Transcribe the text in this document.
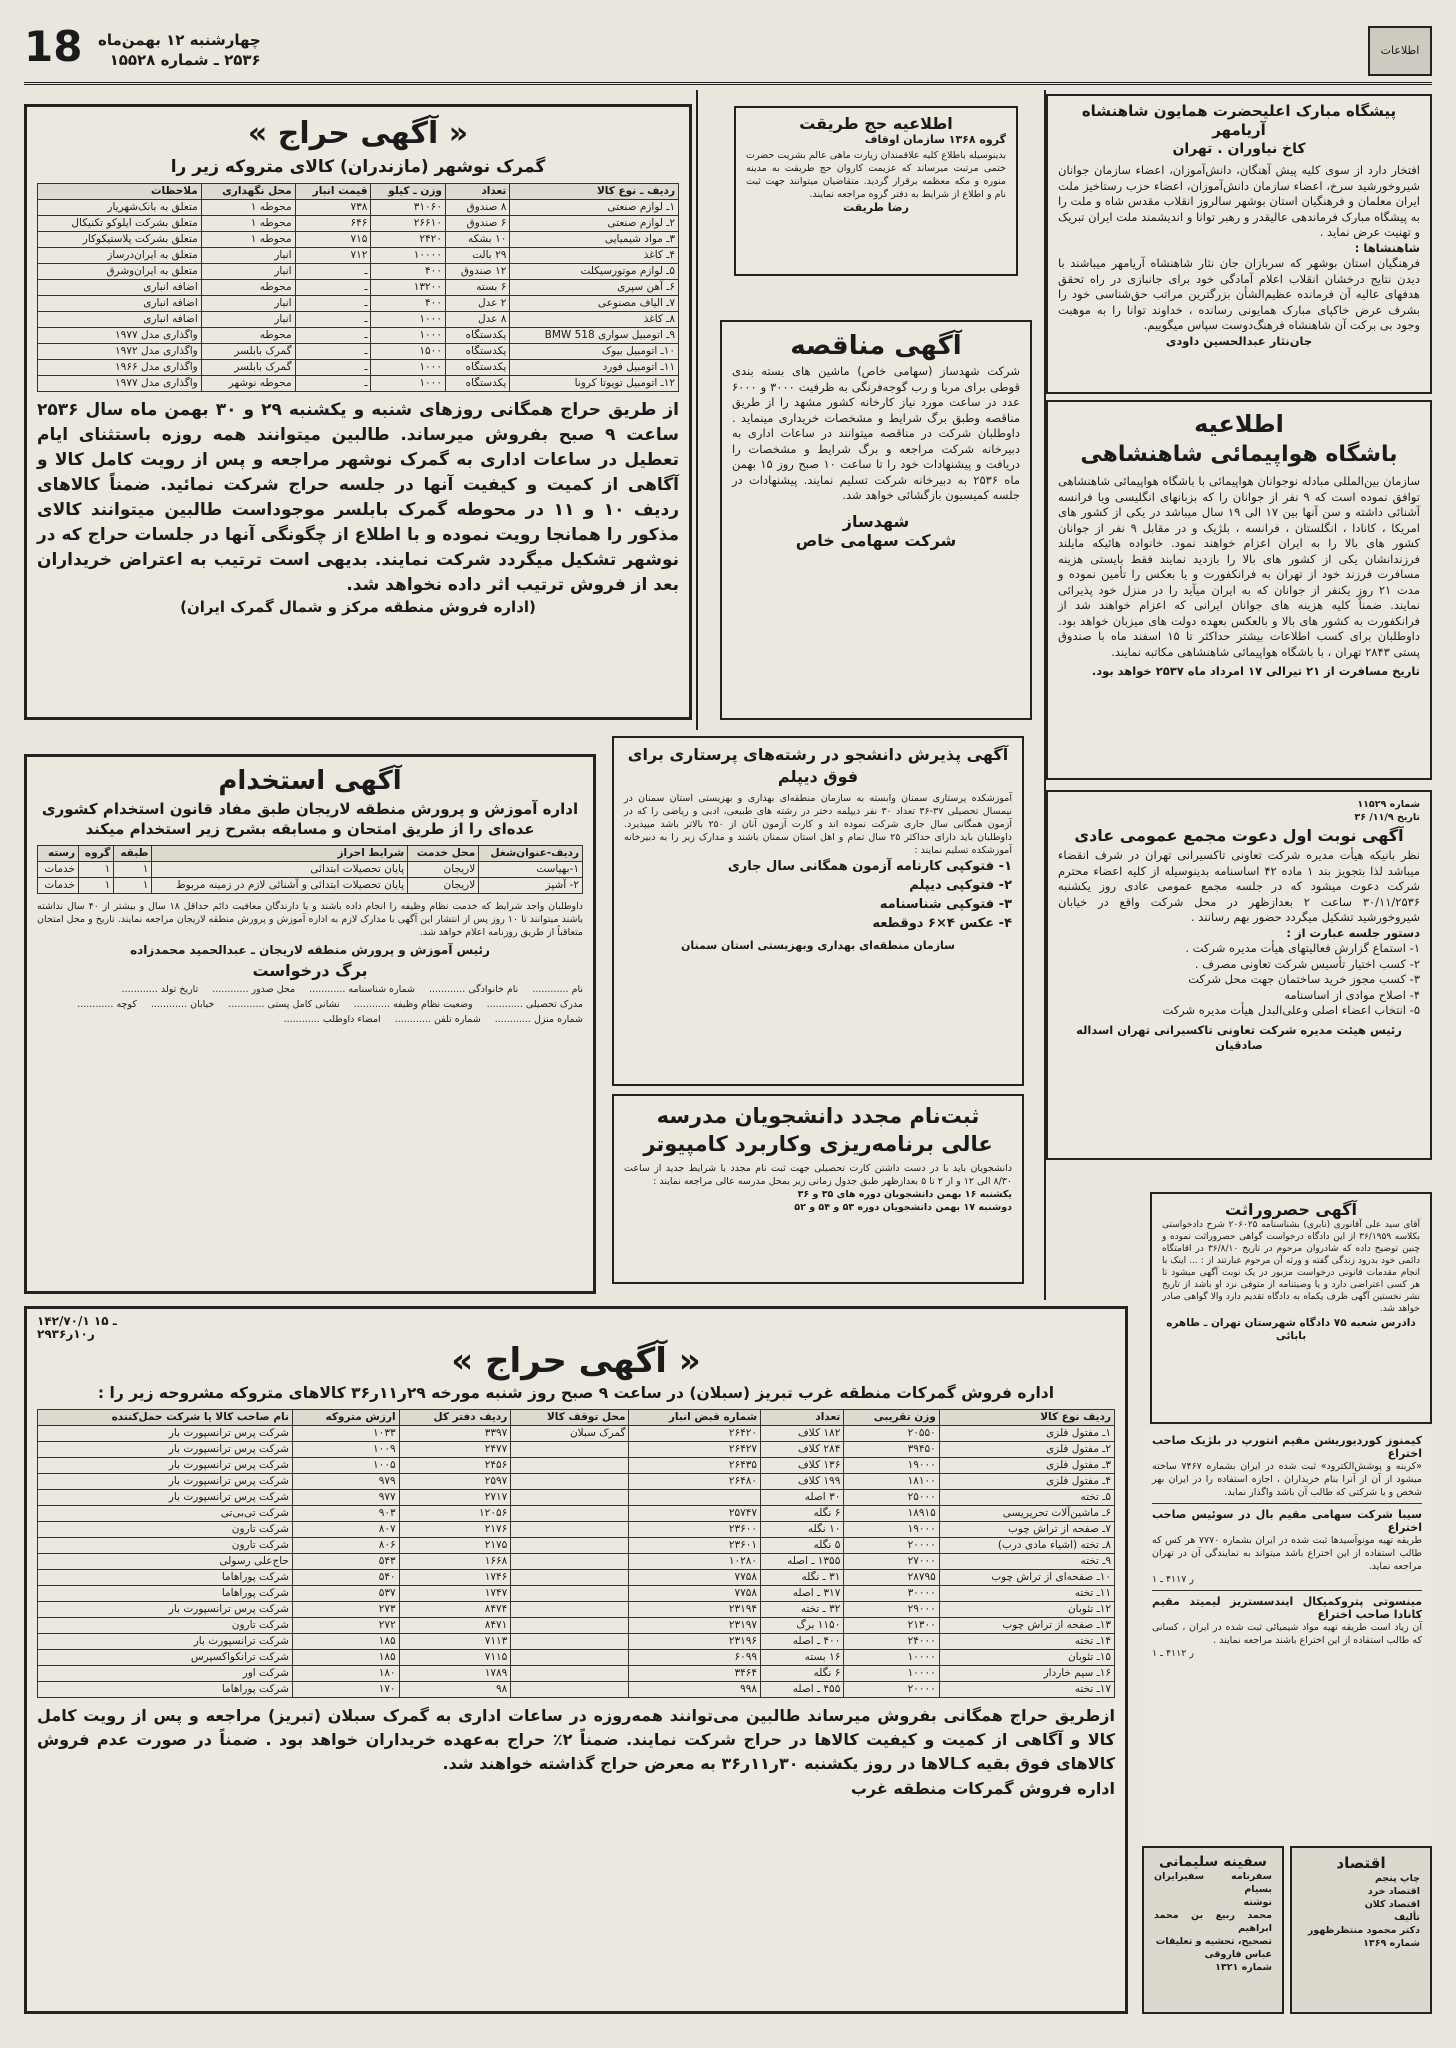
اطلاعات
18 چهارشنبه ۱۲ بهمن‌ماه
۲۵۳۶ ـ شماره ۱۵۵۲۸
پیشگاه مبارک اعلیحضرت همایون شاهنشاه آریامهر
کاخ نیاوران . تهران
افتخار دارد از سوی کلیه پیش آهنگان، دانش‌آموزان، اعضاء سازمان جوانان شیروخورشید سرخ، اعضاء سازمان دانش‌آموزان، اعضاء حزب رستاخیز ملت ایران معلمان و فرهنگیان استان بوشهر سالروز انقلاب مقدس شاه و ملت را به پیشگاه مبارک فرماندهی عالیقدر و رهبر توانا و اندیشمند ملت ایران تبریک و تهنیت عرض نماید .
شاهنشاها :
فرهنگیان استان بوشهر که سربازان جان نثار شاهنشاه آریامهر میباشند با دیدن نتایج درخشان انقلاب اعلام آمادگی خود برای جانبازی در راه تحقق هدفهای عالیه آن فرمانده عظیم‌الشأن بزرگترین مراتب حق‌شناسی خود را بشرف عرض خاکپای مبارک همایونی رسانده ، خداوند توانا را به موهبت وجود بی برکت آن شاهنشاه فرهنگ‌دوست سپاس میگوییم.
جان‌نثار عبدالحسین داودی
اطلاعیه
باشگاه هواپیمائی شاهنشاهی
سازمان بین‌المللی مبادله نوجوانان هواپیمائی با باشگاه هواپیمائی شاهنشاهی توافق نموده است که ۹ نفر از جوانان را که بزبانهای انگلیسی ویا فرانسه آشنائی داشته و سن آنها بین ۱۷ الی ۱۹ سال میباشد در یکی از کشور های امریکا ، کانادا ، انگلستان ، فرانسه ، بلژیک و در مقابل ۹ نفر از جوانان کشور های بالا را به ایران اعزام خواهند نمود. خانواده هائیکه مایلند فرزندانشان یکی از کشور های بالا را بازدید نمایند فقط بایستی هزینه مسافرت فرزند خود از تهران به فرانکفورت و یا بعکس را تأمین نموده و مدت ۲۱ روز یکنفر از جوانان که به ایران میآید را در منزل خود پذیرائی نمایند. ضمناً کلیه هزینه های جوانان ایرانی که اعزام خواهند شد از فرانکفورت به کشور های بالا و بالعکس بعهده دولت های میزبان خواهد بود. داوطلبان برای کسب اطلاعات بیشتر حداکثر تا ۱۵ اسفند ماه با صندوق پستی ۲۸۴۳ تهران ، با باشگاه هواپیمائی شاهنشاهی مکاتبه نمایند.
تاریخ مسافرت از ۲۱ تیرالی ۱۷ امرداد ماه ۲۵۳۷ خواهد بود.
شماره ۱۱۵۲۹
تاریخ ۱۱/۹/ ۳۶
آگهی نوبت اول دعوت مجمع عمومی عادی
نظر بانیکه هیأت مدیره شرکت تعاونی تاکسیرانی تهران در شرف انقضاء میباشد لذا بتجویز بند ۱ ماده ۴۲ اساسنامه بدینوسیله از کلیه اعضاء محترم شرکت دعوت میشود که در جلسه مجمع عمومی عادی روز یکشنبه ۳۰/۱۱/۲۵۳۶ ساعت ۲ بعدازظهر در محل شرکت واقع در خیابان شیروخورشید تشکیل میگردد حضور بهم رسانند .
دستور جلسه عبارت از :
۱- استماع گزارش فعالیتهای هیأت مدیره شرکت .
۲- کسب اختیار تأسیس شرکت تعاونی مصرف .
۳- کسب مجوز خرید ساختمان جهت محل شرکت
۴- اصلاح موادی از اساسنامه
۵- انتخاب اعضاء اصلی وعلی‌البدل هیأت مدیره شرکت
رئیس هیئت مدیره شرکت تعاونی تاکسیرانی تهران اسداله صادقیان
اطلاعیه حج طریقت
گروه ۱۳۶۸ سازمان اوقاف
بدینوسیله باطلاع کلیه علاقمندان زیارت ماهی عالم بشریت حضرت ختمی مرتبت میرساند که عزیمت کاروان حج طریقت به مدینه منوره و مکه معظمه برقرار گردید. متقاضیان میتوانند جهت ثبت نام و اطلاع از شرایط به دفتر گروه مراجعه نمایند.
رضا طریقت
آگهی مناقصه
شرکت شهدساز (سهامی خاص) ماشین های بسته بندی قوطی برای مربا و رب گوجه‌فرنگی به ظرفیت ۳۰۰۰ و ۶۰۰۰ عدد در ساعت مورد نیاز کارخانه کشور مشهد را از طریق مناقصه وطبق برگ شرایط و مشخصات خریداری مینماید . داوطلبان شرکت در مناقصه میتوانند در ساعات اداری به دبیرخانه شرکت مراجعه و برگ شرایط و مشخصات را دریافت و پیشنهادات خود را تا ساعت ۱۰ صبح روز ۱۵ بهمن ماه ۲۵۳۶ به دبیرخانه شرکت تسلیم نمایند. پیشنهادات در جلسه کمیسیون بازگشائی خواهد شد.
شهدساز
شرکت سهامی خاص
« آگهی حراج »
گمرک نوشهر (مازندران) کالای متروکه زیر را
ردیف ـ نوع کالا	تعداد	وزن ـ کیلو	قیمت انبار	محل نگهداری	ملاحظات
۱ـ لوازم صنعتی	۸ صندوق	۳۱۰۶۰	۷۳۸	محوطه ۱	متعلق به بانک‌شهریار
۲ـ لوازم صنعتی	۶ صندوق	۲۶۶۱۰	۶۴۶	محوطه ۱	متعلق بشرکت ایلوکو تکنیکال
۳ـ مواد شیمیایی	۱۰ بشکه	۲۴۲۰	۷۱۵	محوطه ۱	متعلق بشرکت پلاستیکوکار
۴ـ کاغذ	۲۹ بالت	۱۰۰۰۰	۷۱۲	انبار	متعلق به ایران‌درساز
۵ـ لوازم موتورسیکلت	۱۲ صندوق	۴۰۰	ـ	انبار	متعلق به ایران‌وشرق
۶ـ آهن سپری	۶ بسته	۱۳۲۰۰	ـ	محوطه	اضافه انباری
۷ـ الیاف مصنوعی	۲ عدل	۴۰۰	ـ	انبار	اضافه انباری
۸ـ کاغذ	۸ عدل	۱۰۰۰	ـ	انبار	اضافه انباری
۹ـ اتومبیل سواری BMW 518	یکدستگاه	۱۰۰۰	ـ	محوطه	واگذاری مدل ۱۹۷۷
۱۰ـ اتومبیل بیوک	یکدستگاه	۱۵۰۰	ـ	گمرک بابلسر	واگذاری مدل ۱۹۷۲
۱۱ـ اتومبیل فورد	یکدستگاه	۱۰۰۰	ـ	گمرک بابلسر	واگذاری مدل ۱۹۶۶
۱۲ـ اتومبیل تویوتا کرونا	یکدستگاه	۱۰۰۰	ـ	محوطه نوشهر	واگذاری مدل ۱۹۷۷
از طریق حراج همگانی روزهای شنبه و یکشنبه ۲۹ و ۳۰ بهمن ماه سال ۲۵۳۶ ساعت ۹ صبح بفروش میرساند. طالبین میتوانند همه روزه باستثنای ایام تعطیل در ساعات اداری به گمرک نوشهر مراجعه و پس از رویت کامل کالا و آگاهی از کمیت و کیفیت آنها در جلسه حراج شرکت نمائید. ضمناً کالاهای ردیف ۱۰ و ۱۱ در محوطه گمرک بابلسر موجوداست طالبین میتوانند کالای مذکور را همانجا رویت نموده و با اطلاع از چگونگی آنها در جلسات حراج که در نوشهر تشکیل میگردد شرکت نمایند. بدیهی است ترتیب به اعتراض خریداران بعد از فروش ترتیب اثر داده نخواهد شد.
(اداره فروش منطقه مرکز و شمال گمرک ایران)
آگهی پذیرش دانشجو در رشته‌های پرستاری برای فوق دیپلم
آموزشکده پرستاری سمنان وابسته به سازمان منطقه‌ای بهداری و بهزیستی استان سمنان در نیمسال تحصیلی ۳۷-۳۶ تعداد ۳۰ نفر دیپلمه دختر در رشته های طبیعی، ادبی و ریاضی را که در آزمون همگانی سال جاری شرکت نموده اند و کارت آزمون آنان از ۲۵۰ بالاتر باشد میپذیرد. داوطلبان باید دارای حداکثر ۲۵ سال تمام و اهل استان سمنان باشند و مدارک زیر را به دبیرخانه آموزشکده تسلیم نمایند :
۱- فتوکپی کارنامه آزمون همگانی سال جاری
۲- فتوکپی دیپلم
۳- فتوکپی شناسنامه
۴- عکس ۴×۶ دوقطعه
سازمان منطقه‌ای بهداری وبهزیستی استان سمنان
ثبت‌نام مجدد دانشجویان مدرسه
عالی برنامه‌ریزی وکاربرد کامپیوتر
دانشجویان باید با در دست داشتن کارت تحصیلی جهت ثبت نام مجدد با شرایط جدید از ساعت ۸/۳۰ الی ۱۲ و از ۲ تا ۵ بعدازظهر طبق جدول زمانی زیر بمحل مدرسه عالی مراجعه نمایند :
یکشنبه ۱۶ بهمن دانشجویان دوره های ۳۵ و ۳۶
دوشنبه ۱۷ بهمن دانشجویان دوره ۵۳ و ۵۴ و ۵۲
آگهی استخدام
اداره آموزش و پرورش منطقه لاریجان طبق مفاد قانون استخدام کشوری عده‌ای را از طریق امتحان و مسابقه بشرح زیر استخدام میکند
ردیف-عنوان‌شغل	محل خدمت	شرایط احراز	طبقه	گروه	رسته
۱-بهیاست	لاریجان	پایان تحصیلات ابتدائی	۱	۱	خدمات
۲- آشپز	لاریجان	پایان تحصیلات ابتدائی و آشنائی لازم در زمینه مربوط	۱	۱	خدمات
داوطلبان واجد شرایط که خدمت نظام وظیفه را انجام داده باشند و یا دارندگان معافیت دائم حداقل ۱۸ سال و بیشتر از ۴۰ سال نداشته باشند میتوانند تا ۱۰ روز پس از انتشار این آگهی با مدارک لازم به اداره آموزش و پرورش منطقه لاریجان مراجعه نمایند. تاریخ و محل امتحان متعاقباً از طریق روزنامه اعلام خواهد شد.
رئیس آموزش و پرورش منطقه لاریجان ـ عبدالحمید محمدزاده
برگ درخواست
نام ............
نام خانوادگی ............
شماره شناسنامه ............
محل صدور ............
تاریخ تولد ............
مدرک تحصیلی ............
وضعیت نظام وظیفه ............
نشانی کامل پستی ............
خیابان ............
کوچه ............
شماره منزل ............
شماره تلفن ............
امضاء داوطلب ............
آگهی حصروراثت
آقای سید علی آقانوری (نابری) بشناسنامه ۲۰۶۰۲۵ شرح دادخواستی بکلاسه ۳۶/۱۹۵۹ از این دادگاه درخواست گواهی حصروراثت نموده و چنین توضیح داده که شادروان مرحوم در تاریخ ۳۶/۸/۱۰ در اقامتگاه دائمی خود بدرود زندگی گفته و ورثه آن مرحوم عبارتند از : ... اینک با انجام مقدمات قانونی درخواست مزبور در یک نوبت آگهی میشود تا هر کسی اعتراضی دارد و یا وصیتنامه از متوفی نزد او باشد از تاریخ نشر نخستین آگهی ظرف یکماه به دادگاه تقدیم دارد والا گواهی صادر خواهد شد.
دادرس شعبه ۷۵ دادگاه شهرستان تهران ـ طاهره بابائی
۱۴۲/۷۰/۱ ـ ۱۵
۲۹ر۱۰ر۳۶
« آگهی حراج »
اداره فروش گمرکات منطقه غرب تبریز (سبلان) در ساعت ۹ صبح روز شنبه مورخه ۲۹ر۱۱ر۳۶ کالاهای متروکه مشروحه زیر را :
ردیف نوع کالا	وزن تقریبی	تعداد	شماره قبض انبار	محل توقف کالا	ردیف دفتر کل	ارزش متروکه	نام صاحب کالا یا شرکت حمل‌کننده
۱ـ مفتول فلزی	۲۰۵۵۰	۱۸۲ کلاف	۲۶۴۲۰	گمرک سبلان	۳۳۹۷	۱۰۳۳	شرکت پرس ترانسپورت بار
۲ـ مفتول فلزی	۳۹۴۵۰	۲۸۴ کلاف	۲۶۴۲۷		۲۴۷۷	۱۰۰۹	شرکت پرس ترانسپورت بار
۳ـ مفتول فلزی	۱۹۰۰۰	۱۳۶ کلاف	۲۶۴۳۵		۲۴۵۶	۱۰۰۵	شرکت پرس ترانسپورت بار
۴ـ مفتول فلزی	۱۸۱۰۰	۱۹۹ کلاف	۲۶۴۸۰		۲۵۹۷	۹۷۹	شرکت پرس ترانسپورت بار
۵ـ تخته	۲۵۰۰۰	۳۰ اصله			۲۷۱۷	۹۷۷	شرکت پرس ترانسپورت بار
۶ـ ماشین‌آلات تحریریسی	۱۸۹۱۵	۶ نگله	۲۵۷۴۷		۱۲۰۵۶	۹۰۳	شرکت تی‌بی‌تی
۷ـ صفحه از تراش چوب	۱۹۰۰۰	۱۰ نگله	۲۳۶۰۰		۲۱۷۶	۸۰۷	شرکت تارون
۸ـ تخته (اشیاء مادی درب)	۲۰۰۰۰	۵ نگله	۲۳۶۰۱		۲۱۷۵	۸۰۶	شرکت تارون
۹ـ تخته	۲۷۰۰۰	۱۳۵۵ ـ اصله	۱۰۲۸۰		۱۶۶۸	۵۴۳	حاج‌علی رسولی
۱۰ـ صفحه‌ای از تراش چوب	۲۸۷۹۵	۳۱ ـ نگله	۷۷۵۸		۱۷۴۶	۵۴۰	شرکت پوراهاما
۱۱ـ تخته	۳۰۰۰۰	۳۱۷ ـ اصله	۷۷۵۸		۱۷۴۷	۵۳۷	شرکت پوراهاما
۱۲ـ تئوبان	۲۹۰۰۰	۳۲ ـ تخته	۲۳۱۹۴		۸۴۷۴	۲۷۳	شرکت پرس ترانسپورت بار
۱۳ـ صفحه از تراش چوب	۲۱۳۰۰	۱۱۵۰ برگ	۲۳۱۹۷		۸۴۷۱	۲۷۲	شرکت تارون
۱۴ـ تخته	۲۴۰۰۰	۴۰۰ ـ اصله	۲۳۱۹۶		۷۱۱۳	۱۸۵	شرکت ترانسپورت بار
۱۵ـ تئوبان	۱۰۰۰۰	۱۶ بسته	۶۰۹۹		۷۱۱۵	۱۸۵	شرکت ترانکواکسپرس
۱۶ـ سیم خاردار	۱۰۰۰۰	۶ نگله	۳۴۶۴		۱۷۸۹	۱۸۰	شرکت اور
۱۷ـ تخته	۲۰۰۰۰	۴۵۵ ـ اصله	۹۹۸		۹۸	۱۷۰	شرکت پوراهاما
ازطریق حراج همگانی بفروش میرساند طالبین می‌توانند همه‌روزه در ساعات اداری به گمرک سبلان (تبریز) مراجعه و پس از رویت کامل کالا و آگاهی از کمیت و کیفیت کالاها در حراج شرکت نمایند. ضمناً ۲٪ حراج به‌عهده خریداران خواهد بود . ضمناً در صورت عدم فروش کالاهای فوق بقیه کـالاها در روز یکشنبه ۳۰ر۱۱ر۳۶ به معرض حراج گذاشته خواهند شد.
اداره فروش گمرکات منطقه غرب
کیمنوز کوردیوریشن مقیم انتورپ در بلژیک صاحب اختراع
«کربنه و پوشش‌الکترود» ثبت شده در ایران بشماره ۷۴۶۷ ساخته میشود از آن از آنرا بنام خریداران ، اجازه استفاده را در ایران بهر شخص و یا شرکتی که طالب آن باشد واگذار نماید.
سیبا شرکت سهامی مقیم بال در سوئیس صاحب اختراع
طریقه تهیه مونوآسیدها ثبت شده در ایران بشماره ۷۷۷۰ هر کس که طالب استفاده از این اختراع باشد میتواند به نمایندگی آن در تهران مراجعه نماید.
ر ۴۱۱۷ ـ ۱
مینسوتی پتروکمیکال ایندسستریز لیمیتد مقیم کانادا صاحب اختراع
آن زیاد است طریقه تهیه مواد شیمیائی ثبت شده در ایران ، کسانی که طالب استفاده از این اختراع باشند مراجعه نمایند .
ر ۴۱۱۲ ـ ۱
اقتصاد
چاپ پنجم
اقتصاد خرد
اقتصاد کلان
تألیف
دکتر محمود منتظرظهور
شماره ۱۳۶۹
سفینه سلیمانی
سفرنامه سفیرایران بسیام
نوشته
محمد ربیع بن محمد ابراهیم
تصحیح، تحشیه و تعلیقات
عباس فاروقی
شماره ۱۳۲۱
